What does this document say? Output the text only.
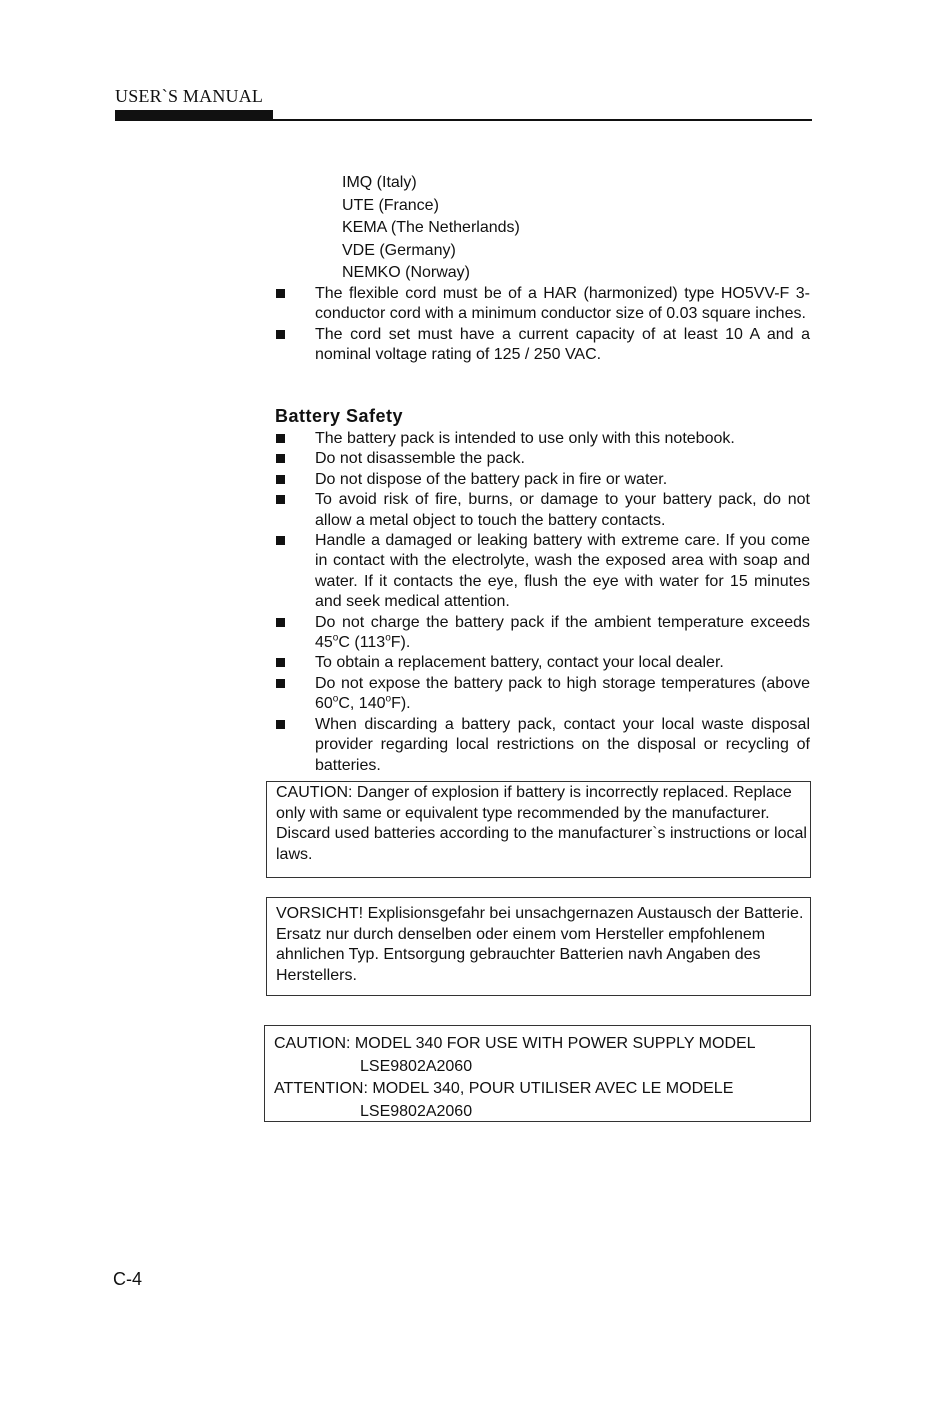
USER`S MANUAL
IMQ (Italy)
UTE (France)
KEMA (The Netherlands)
VDE (Germany)
NEMKO (Norway)
The flexible cord must be of a HAR (harmonized) type HO5VV-F 3-conductor cord with a minimum conductor size of 0.03 square inches.
The cord set must have a current capacity of at least 10 A and a nominal voltage rating of 125 / 250 VAC.
Battery Safety
The battery pack is intended to use only with this notebook.
Do not disassemble the pack.
Do not dispose of the battery pack in fire or water.
To avoid risk of fire, burns, or damage to your battery pack, do not allow a metal object to touch the battery contacts.
Handle a damaged or leaking battery with extreme care. If you come in contact with the electrolyte, wash the exposed area with soap and water. If it contacts the eye, flush the eye with water for 15 minutes and seek medical attention.
Do not charge the battery pack if the ambient temperature exceeds 45$^o$C (113$^o$F).
To obtain a replacement battery, contact your local dealer.
Do not expose the battery pack to high storage temperatures (above 60$^o$C, 140$^o$F).
When discarding a battery pack, contact your local waste disposal provider regarding local restrictions on the disposal or recycling of batteries.

CAUTION: Danger of explosion if battery is incorrectly replaced. Replace only with same or equivalent type recommended by the manufacturer. Discard used batteries according to the manufacturer`s instructions or local laws.

VORSICHT! Explisionsgefahr bei unsachgernazen Austausch der Batterie. Ersatz nur durch denselben oder einem vom Hersteller empfohlenem ahnlichen Typ. Entsorgung gebrauchter Batterien navh Angaben des Herstellers.

CAUTION: MODEL 340 FOR USE WITH POWER SUPPLY MODEL

LSE9802A2060

ATTENTION: MODEL 340, POUR UTILISER AVEC LE MODELE

LSE9802A2060

C-4
